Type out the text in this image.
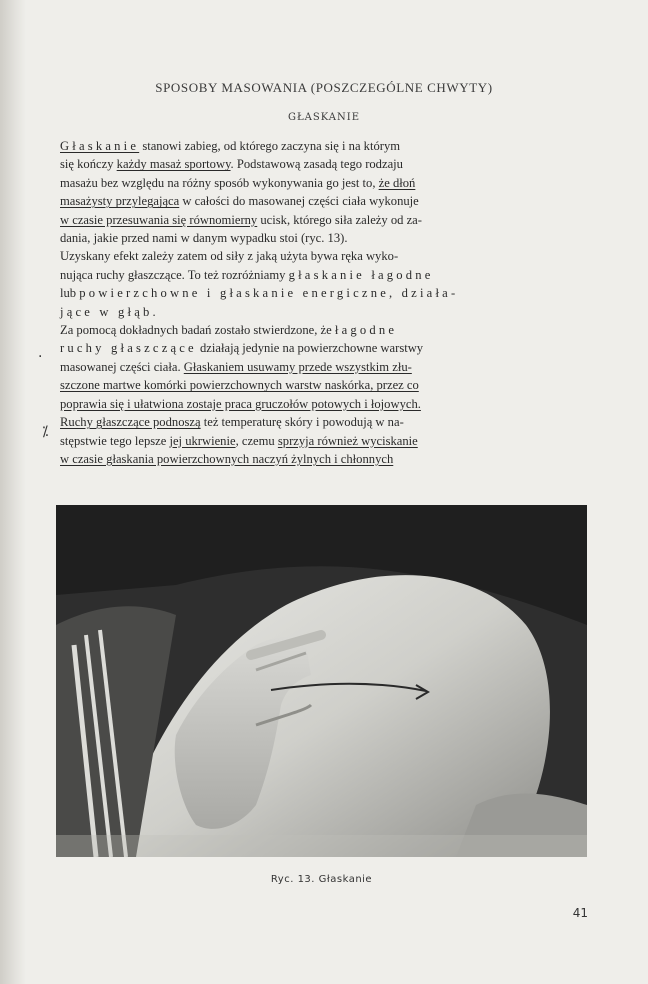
SPOSOBY MASOWANIA (POSZCZEGÓLNE CHWYTY)
GŁASKANIE
.
⁒

Głaskanie stanowi zabieg, od którego zaczyna się i na którym
się kończy każdy masaż sportowy. Podstawową zasadą tego rodzaju
masażu bez względu na różny sposób wykonywania go jest to, że dłoń
masażysty przylegająca w całości do masowanej części ciała wykonuje
w czasie przesuwania się równomierny ucisk, którego siła zależy od za-
dania, jakie przed nami w danym wypadku stoi (ryc. 13).

Uzyskany efekt zależy zatem od siły z jaką użyta bywa ręka wyko-
nująca ruchy głaszczące. To też rozróżniamy głaskanie łagodne
lub powierzchowne i głaskanie energiczne, działa-
jące w głąb.

Za pomocą dokładnych badań zostało stwierdzone, że łagodne
ruchy głaszczące działają jedynie na powierzchowne warstwy
masowanej części ciała. Głaskaniem usuwamy przede wszystkim złu-
szczone martwe komórki powierzchownych warstw naskórka, przez co
poprawia się i ułatwiona zostaje praca gruczołów potowych i łojowych.
Ruchy głaszczące podnoszą też temperaturę skóry i powodują w na-
stępstwie tego lepsze jej ukrwienie, czemu sprzyja również wyciskanie
w czasie głaskania powierzchownych naczyń żylnych i chłonnych

Ryc. 13. Głaskanie
41
